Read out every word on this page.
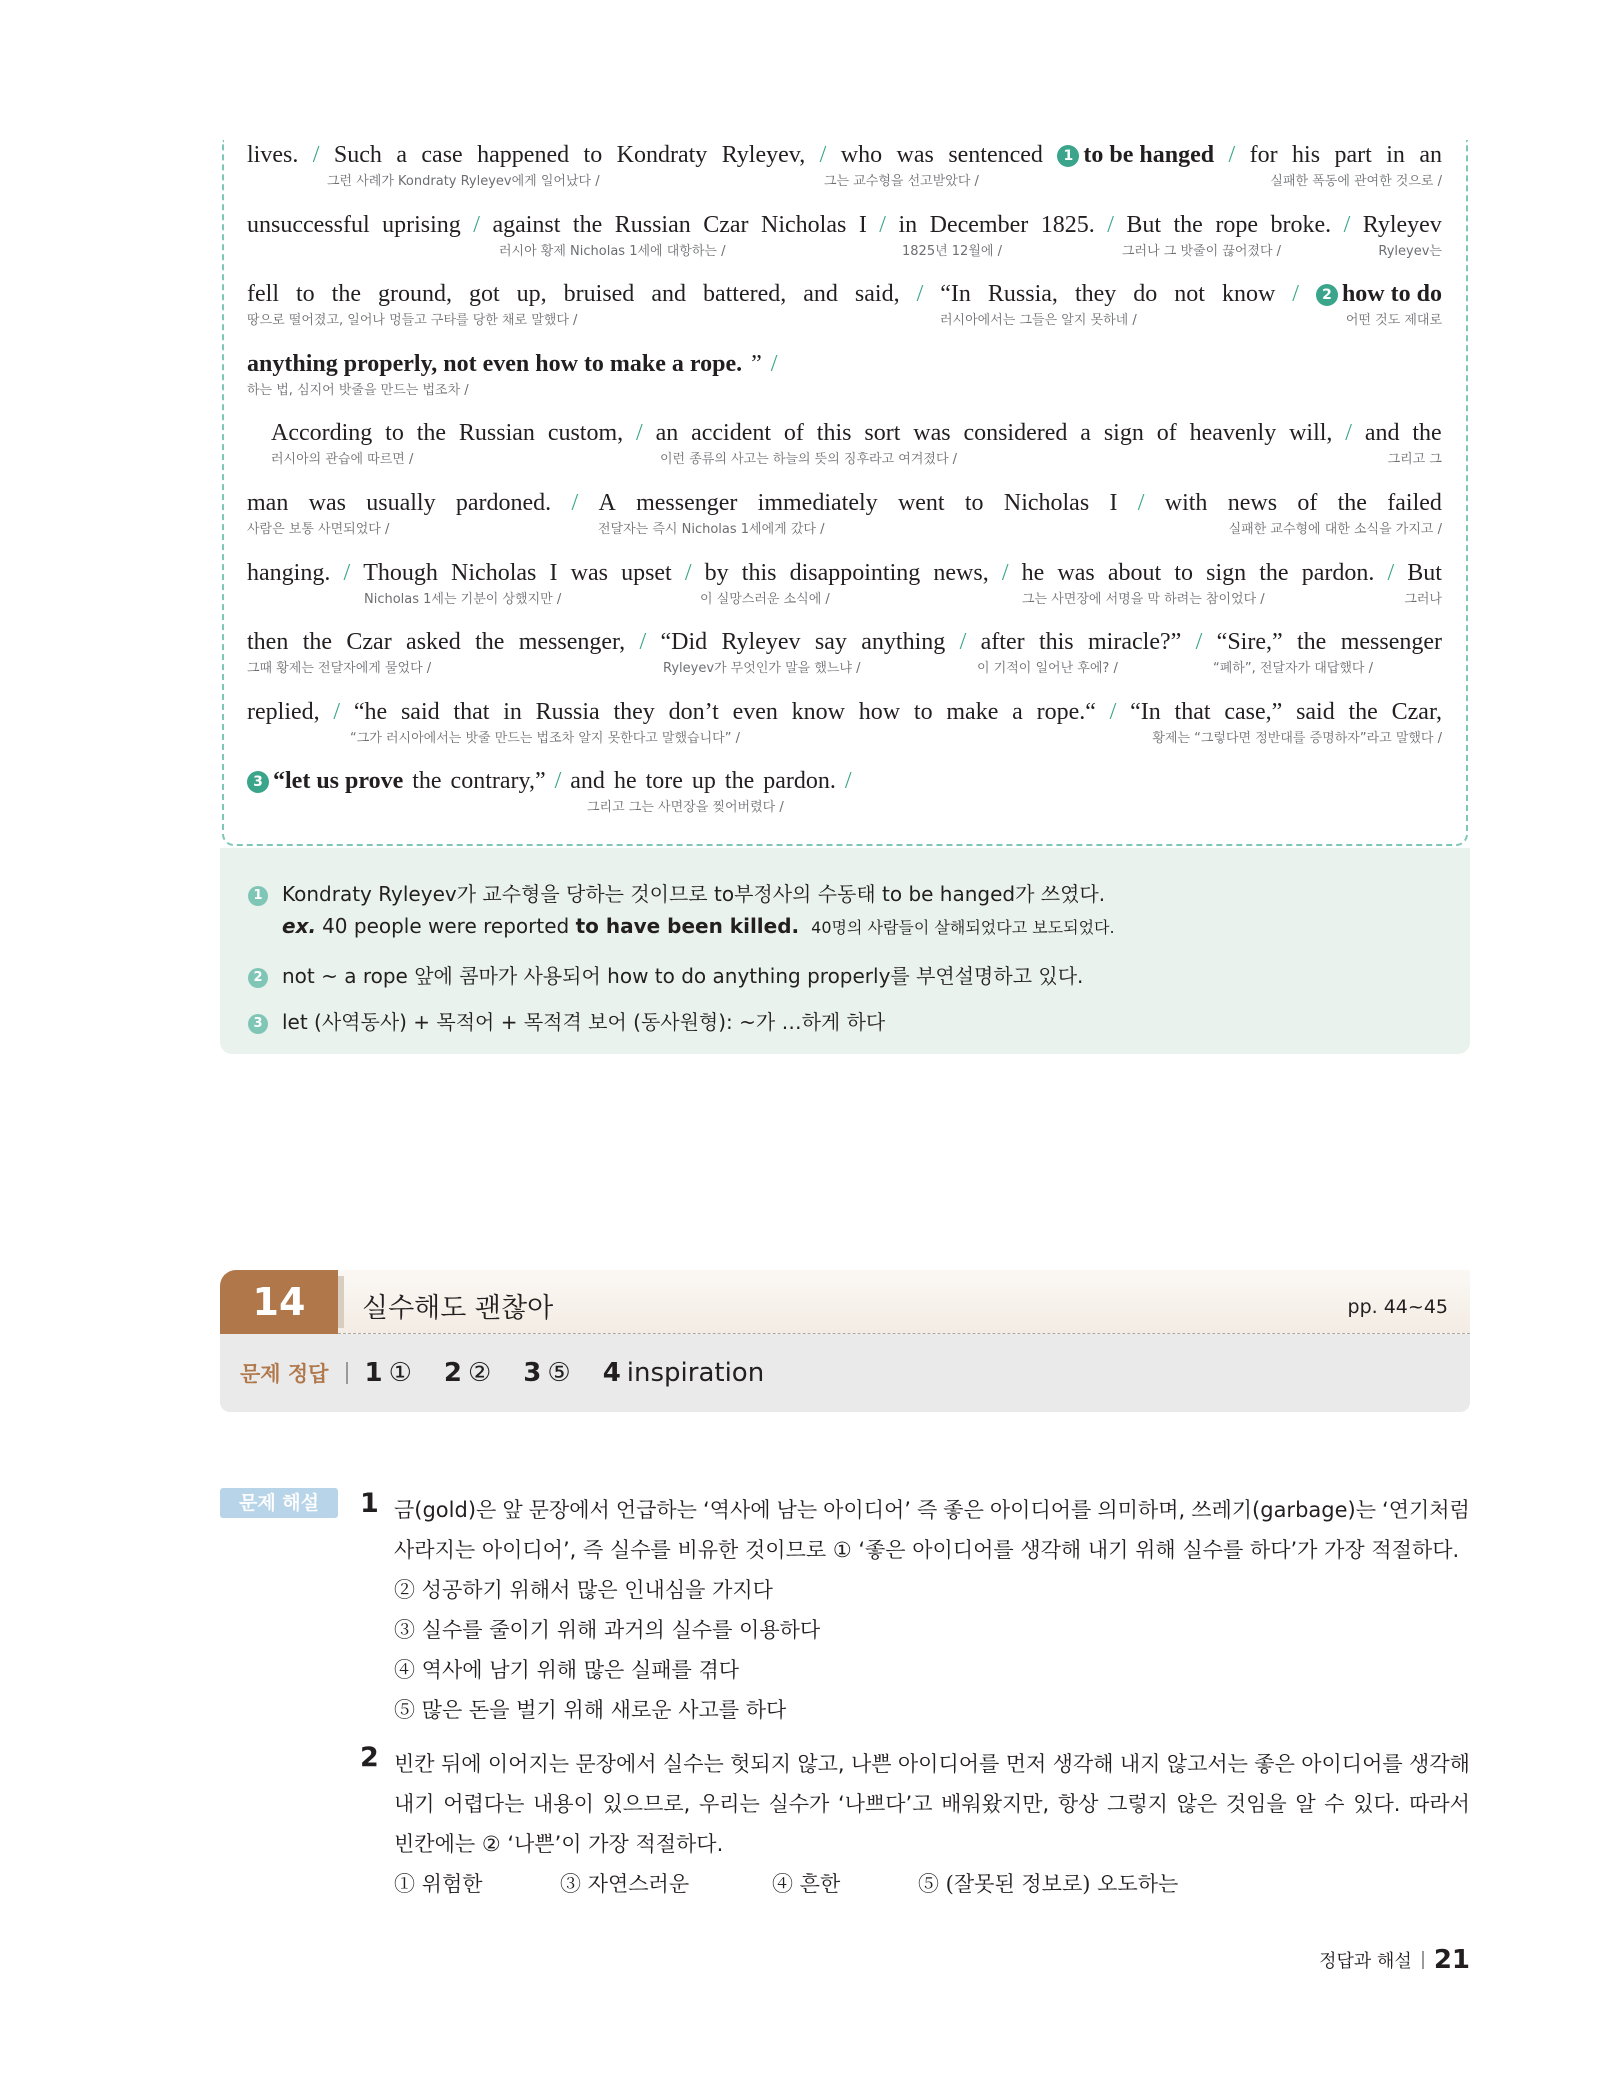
lives. / Such a case happened to Kondraty Ryleyev, / who was sentenced	1 to be hanged / for his part in an
그런 사례가 Kondraty Ryleyev에게 일어났다 /	그는 교수형을 선고받았다 /	실패한 폭동에 관여한 것으로 /
unsuccessful uprising / against the Russian Czar Nicholas I / in December 1825. / But the rope broke. / Ryleyev
러시아 황제 Nicholas 1세에 대항하는 /	1825년 12월에 /	그러나 그 밧줄이 끊어졌다 /	Ryleyev는
fell to the ground, got up, bruised and battered, and said, / “In Russia, they do not know /	2 how to do
땅으로 떨어졌고, 일어나 멍들고 구타를 당한 채로 말했다 /	러시아에서는 그들은 알지 못하네 /	어떤 것도 제대로
anything properly, not even how to make a rope. ” /
하는 법, 심지어 밧줄을 만드는 법조차 /
According to the Russian custom, / an accident of this sort was considered a sign of heavenly will, / and the
러시아의 관습에 따르면 /	이런 종류의 사고는 하늘의 뜻의 징후라고 여겨졌다 /	그리고 그
man was usually pardoned. / A messenger immediately went to Nicholas I / with news of the failed
사람은 보통 사면되었다 /	전달자는 즉시 Nicholas 1세에게 갔다 /	실패한 교수형에 대한 소식을 가지고 /
hanging. / Though Nicholas I was upset / by this disappointing news, / he was about to sign the pardon. / But
Nicholas 1세는 기분이 상했지만 /	이 실망스러운 소식에 /	그는 사면장에 서명을 막 하려는 참이었다 /	그러나
then the Czar asked the messenger, / “Did Ryleyev say anything / after this miracle?” / “Sire,” the messenger
그때 황제는 전달자에게 물었다 /	Ryleyev가 무엇인가 말을 했느냐 /	이 기적이 일어난 후에? /	“폐하”, 전달자가 대답했다 /
replied, / “he said that in Russia they don’t even know how to make a rope.“ / “In that case,” said the Czar,
“그가 러시아에서는 밧줄 만드는 법조차 알지 못한다고 말했습니다” /	황제는 “그렇다면 정반대를 증명하자”라고 말했다 /
3 “let us prove the contrary,” / and he tore up the pardon. /
그리고 그는 사면장을 찢어버렸다 /
1 Kondraty Ryleyev가 교수형을 당하는 것이므로 to부정사의 수동태 to be hanged가 쓰였다.
ex. 40 people were reported to have been killed. 40명의 사람들이 살해되었다고 보도되었다.
2 not ~ a rope 앞에 콤마가 사용되어 how to do anything properly를 부연설명하고 있다.
3 let (사역동사) + 목적어 + 목적격 보어 (동사원형): ~가 …하게 하다
14	실수해도 괜찮아	pp. 44~45
문제 정답 1 ① 2 ② 3 ⑤ 4 inspiration
문제 해설	1 금(gold)은 앞 문장에서 언급하는 ‘역사에 남는 아이디어’ 즉 좋은 아이디어를 의미하며, 쓰레기(garbage)는 ‘연기처럼
사라지는 아이디어’, 즉 실수를 비유한 것이므로 ① ‘좋은 아이디어를 생각해 내기 위해 실수를 하다’가 가장 적절하다.
② 성공하기 위해서 많은 인내심을 가지다
③ 실수를 줄이기 위해 과거의 실수를 이용하다
④ 역사에 남기 위해 많은 실패를 겪다
⑤ 많은 돈을 벌기 위해 새로운 사고를 하다
2 빈칸 뒤에 이어지는 문장에서 실수는 헛되지 않고, 나쁜 아이디어를 먼저 생각해 내지 않고서는 좋은 아이디어를 생각해
내기 어렵다는 내용이 있으므로, 우리는 실수가 ‘나쁘다’고 배워왔지만, 항상 그렇지 않은 것임을 알 수 있다. 따라서
빈칸에는 ② ‘나쁜’이 가장 적절하다.
① 위험한	③ 자연스러운	④ 흔한	⑤ (잘못된 정보로) 오도하는
정답과 해설 21
